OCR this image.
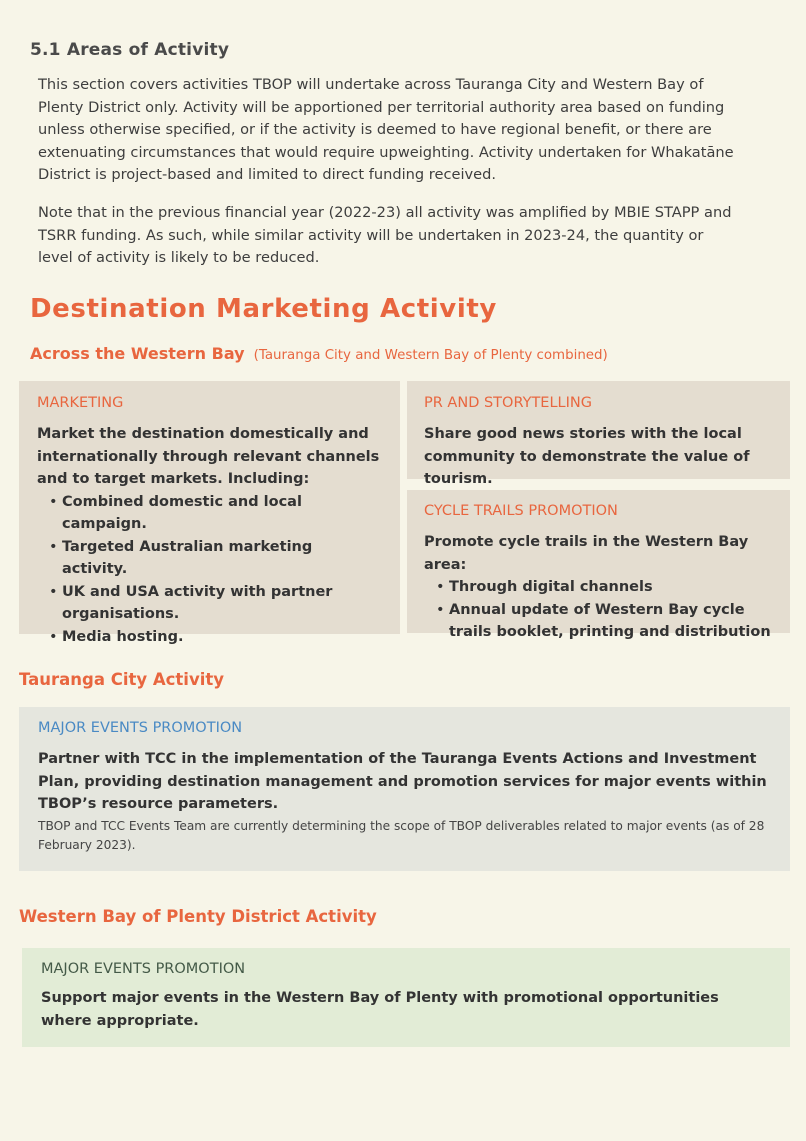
5.1 Areas of Activity

This section covers activities TBOP will undertake across Tauranga City and Western Bay of Plenty District only. Activity will be apportioned per territorial authority area based on funding unless otherwise specified, or if the activity is deemed to have regional benefit, or there are extenuating circumstances that would require upweighting. Activity undertaken for Whakatāne District is project-based and limited to direct funding received.

Note that in the previous financial year (2022-23) all activity was amplified by MBIE STAPP and TSRR funding. As such, while similar activity will be undertaken in 2023-24, the quantity or level of activity is likely to be reduced.

Destination Marketing Activity
Across the Western Bay (Tauranga City and Western Bay of Plenty combined)
MARKETING

Market the destination domestically and internationally through relevant channels and to target markets. Including:

• Combined domestic and local campaign.
• Targeted Australian marketing activity.
• UK and USA activity with partner organisations.
• Media hosting.
PR AND STORYTELLING

Share good news stories with the local community to demonstrate the value of tourism.

CYCLE TRAILS PROMOTION

Promote cycle trails in the Western Bay area:

• Through digital channels
• Annual update of Western Bay cycle trails booklet, printing and distribution
Tauranga City Activity
MAJOR EVENTS PROMOTION

Partner with TCC in the implementation of the Tauranga Events Actions and Investment Plan, providing destination management and promotion services for major events within TBOP’s resource parameters.

TBOP and TCC Events Team are currently determining the scope of TBOP deliverables related to major events (as of 28 February 2023).

Western Bay of Plenty District Activity
MAJOR EVENTS PROMOTION

Support major events in the Western Bay of Plenty with promotional opportunities where appropriate.
